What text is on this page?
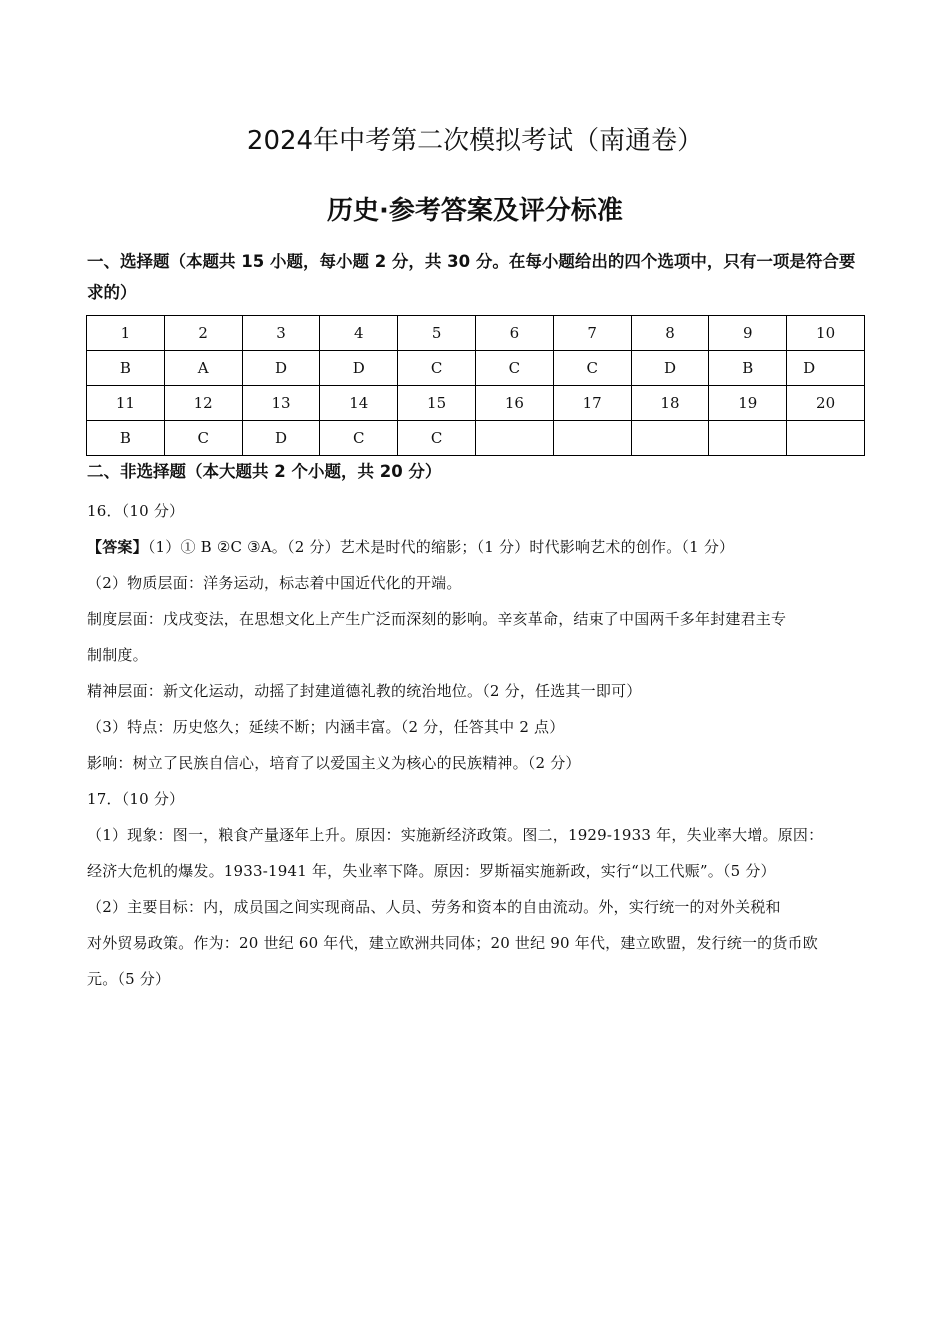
2024年中考第二次模拟考试（南通卷）
历史·参考答案及评分标准
一、选择题（本题共 15 小题，每小题 2 分，共 30 分。在每小题给出的四个选项中，只有一项是符合要求的）
1	2	3	4	5	6	7	8	9	10
B	A	D	D	C	C	C	D	B	D
11	12	13	14	15	16	17	18	19	20
B	C	D	C	C					
二、非选择题（本大题共 2 个小题，共 20 分）
16．（10 分）
【答案】（1）① B ②C ③A。（2 分）艺术是时代的缩影；（1 分）时代影响艺术的创作。（1 分）
（2）物质层面：洋务运动，标志着中国近代化的开端。
制度层面：戊戌变法，在思想文化上产生广泛而深刻的影响。辛亥革命，结束了中国两千多年封建君主专
制制度。
精神层面：新文化运动，动摇了封建道德礼教的统治地位。（2 分，任选其一即可）
（3）特点：历史悠久；延续不断；内涵丰富。（2 分，任答其中 2 点）
影响：树立了民族自信心，培育了以爱国主义为核心的民族精神。（2 分）
17．（10 分）
（1）现象：图一，粮食产量逐年上升。原因：实施新经济政策。图二，1929-1933 年，失业率大增。原因：
经济大危机的爆发。1933-1941 年，失业率下降。原因：罗斯福实施新政，实行“以工代赈”。（5 分）
（2）主要目标：内，成员国之间实现商品、人员、劳务和资本的自由流动。外，实行统一的对外关税和
对外贸易政策。作为：20 世纪 60 年代，建立欧洲共同体；20 世纪 90 年代，建立欧盟，发行统一的货币欧
元。（5 分）
